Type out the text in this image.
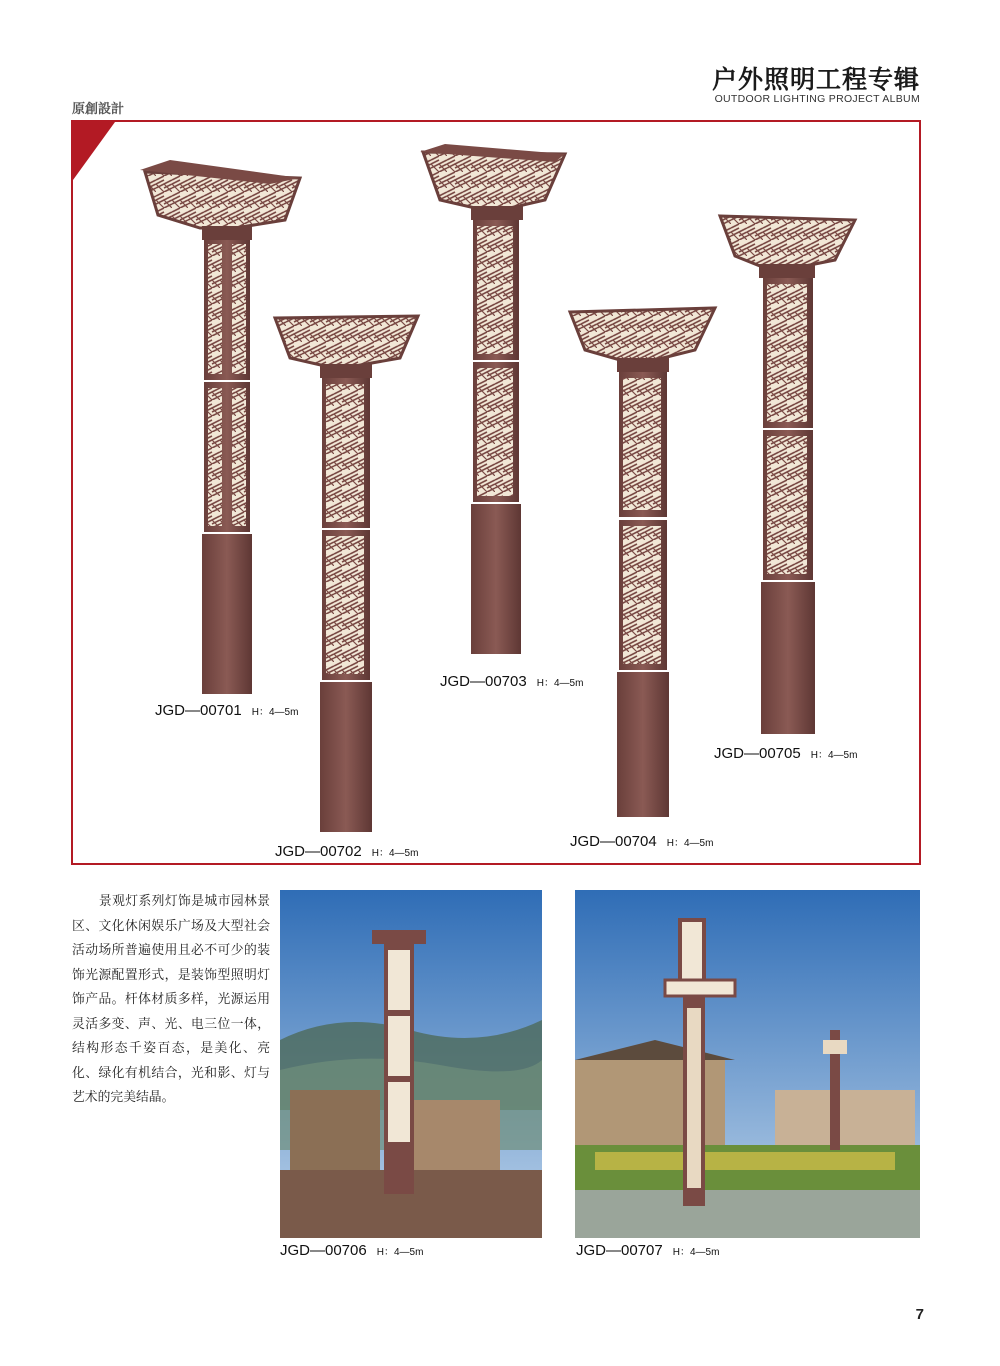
户外照明工程专辑
OUTDOOR LIGHTING PROJECT ALBUM
原創設計
JGD—00701 H：4—5m
JGD—00702 H：4—5m
JGD—00703 H：4—5m
JGD—00704 H：4—5m
JGD—00705 H：4—5m
景观灯系列灯饰是城市园林景区、文化休闲娱乐广场及大型社会活动场所普遍使用且必不可少的装饰光源配置形式，是装饰型照明灯饰产品。杆体材质多样，光源运用灵活多变、声、光、电三位一体，结构形态千姿百态，是美化、亮化、绿化有机结合，光和影、灯与艺术的完美结晶。
JGD—00706 H：4—5m	JGD—00707 H：4—5m
7
